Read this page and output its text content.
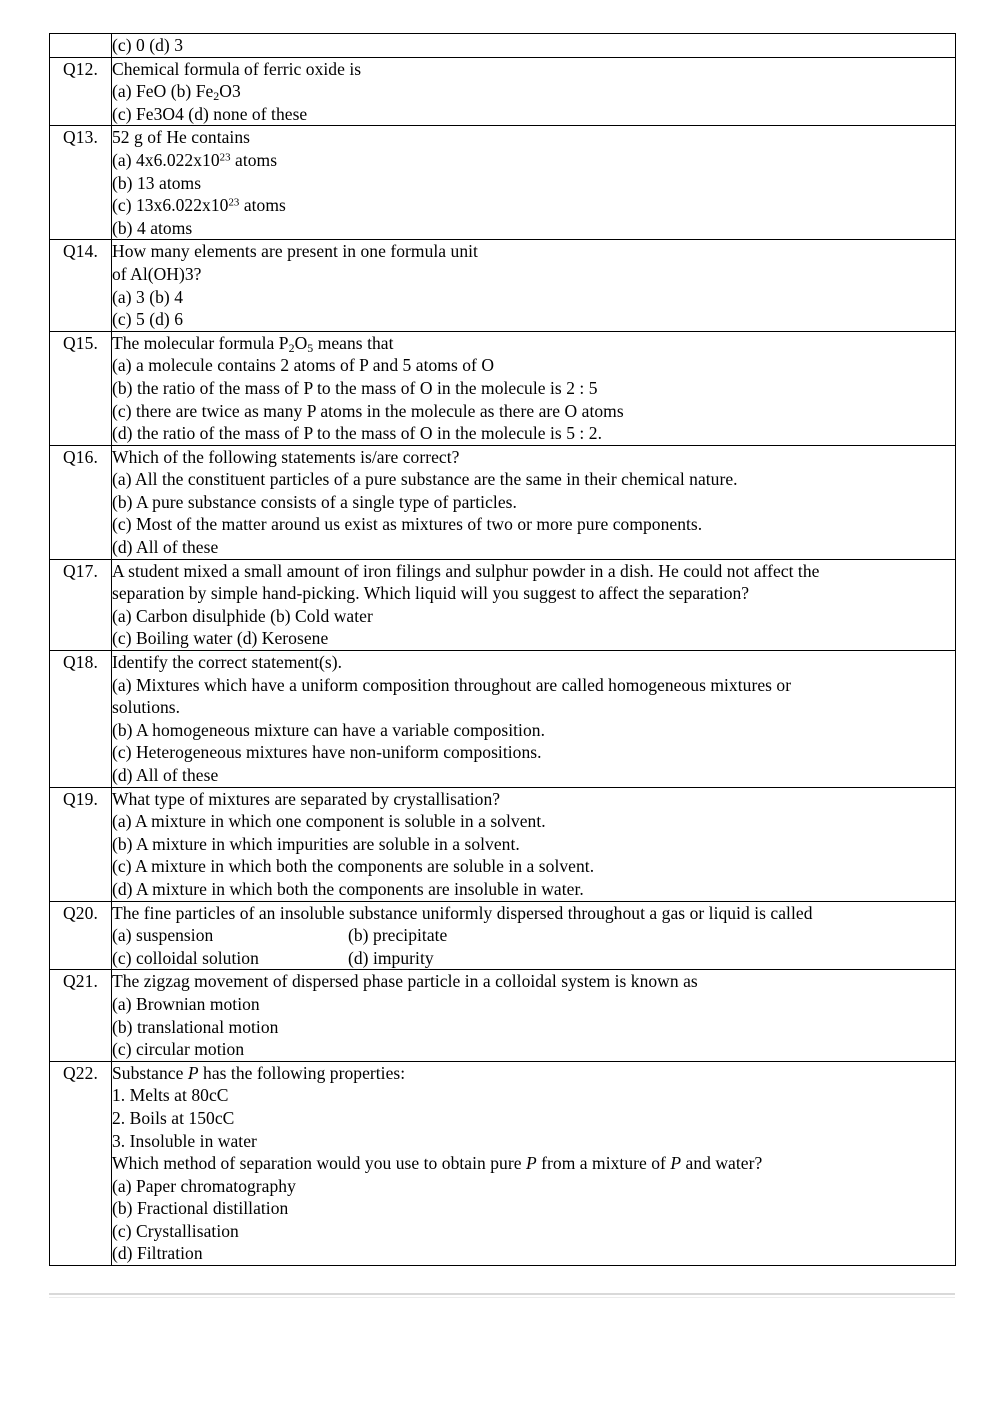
	(c) 0 (d) 3

Q12.	Chemical formula of ferric oxide is
(a) FeO (b) $Fe_2O3$
(c) Fe3O4 (d) none of these

Q13.	52 g of He contains
(a) $4x6.022x10^{23}$ atoms
(b) 13 atoms
(c) $13x6.022x10^{23}$ atoms
(b) 4 atoms

Q14.	How many elements are present in one formula unit
of Al(OH)3?
(a) 3 (b) 4
(c) 5 (d) 6

Q15.	The molecular formula $P_2O_5$ means that
(a) a molecule contains 2 atoms of P and 5 atoms of O
(b) the ratio of the mass of P to the mass of O in the molecule is 2 : 5
(c) there are twice as many P atoms in the molecule as there are O atoms
(d) the ratio of the mass of P to the mass of O in the molecule is 5 : 2.

Q16.	Which of the following statements is/are correct?
(a) All the constituent particles of a pure substance are the same in their chemical nature.
(b) A pure substance consists of a single type of particles.
(c) Most of the matter around us exist as mixtures of two or more pure components.
(d) All of these

Q17.	A student mixed a small amount of iron filings and sulphur powder in a dish. He could not affect the
separation by simple hand-picking. Which liquid will you suggest to affect the separation?
(a) Carbon disulphide (b) Cold water
(c) Boiling water (d) Kerosene

Q18.	Identify the correct statement(s).
(a) Mixtures which have a uniform composition throughout are called homogeneous mixtures or
solutions.
(b) A homogeneous mixture can have a variable composition.
(c) Heterogeneous mixtures have non-uniform compositions.
(d) All of these

Q19.	What type of mixtures are separated by crystallisation?
(a) A mixture in which one component is soluble in a solvent.
(b) A mixture in which impurities are soluble in a solvent.
(c) A mixture in which both the components are soluble in a solvent.
(d) A mixture in which both the components are insoluble in water.

Q20.	The fine particles of an insoluble substance uniformly dispersed throughout a gas or liquid is called
(a) suspension (b) precipitate
(c) colloidal solution (d) impurity

Q21.	The zigzag movement of dispersed phase particle in a colloidal system is known as
(a) Brownian motion
(b) translational motion
(c) circular motion

Q22.	Substance P has the following properties:
1. Melts at 80cC
2. Boils at 150cC
3. Insoluble in water
Which method of separation would you use to obtain pure P from a mixture of P and water?
(a) Paper chromatography
(b) Fractional distillation
(c) Crystallisation
(d) Filtration
